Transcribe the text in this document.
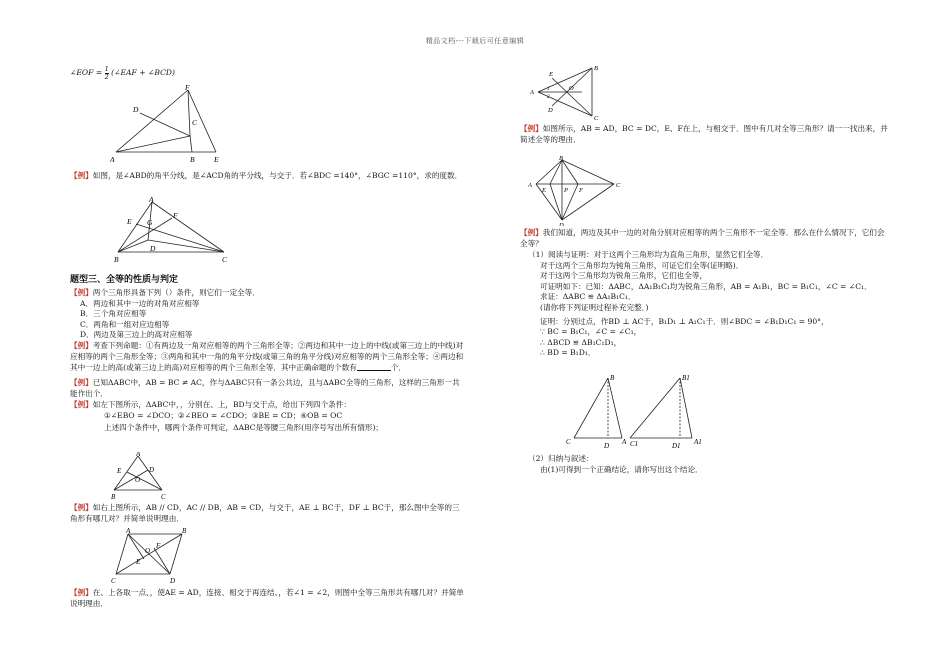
精品文档---下载后可任意编辑
∠EOF = $\frac{1}{2}$ (∠EAF + ∠BCD)
F
D
C
A	B	E
【例】如图，是∠ABD的角平分线，是∠ACD角的平分线，与交于．若∠BDC =140°，∠BGC =110°，求的度数．
A
E G
F
D
B	C
题型三、全等的性质与判定
【例】两个三角形具备下列（）条件，则它们一定全等．
A．两边和其中一边的对角对应相等
B．三个角对应相等
C．两角和一组对应边相等
D．两边及第三边上的高对应相等
【例】考查下列命题：①有两边及一角对应相等的两个三角形全等；②两边和其中一边上的中线(或第三边上的中线)对应相等的两个三角形全等；③两角和其中一角的角平分线(或第三角的角平分线)对应相等的两个三角形全等；④两边和其中一边上的高(或第三边上的高)对应相等的两个三角形全等．其中正确命题的个数有	个．
【例】已知ΔABC中，AB = BC ≠ AC，作与ΔABC只有一条公共边，且与ΔABC全等的三角形，这样的三角形一共能作出个．
【例】如左下图所示，ΔABC中，，分别在、上，BD与交于点，给出下列四个条件：
①∠EBO = ∠DCO；②∠BEO = ∠CDO；③BE = CD；④OB = OC
上述四个条件中，哪两个条件可判定，ΔABC是等腰三角形(用序号写出所有情形)；
A
E
O
D
B	C
【例】如右上图所示，AB // CD，AC // DB，AB = CD，与交于，AE ⊥ BC于，DF ⊥ BC于，那么图中全等的三角形有哪几对？并简单说明理由．
A	B
O
F
E
C	D
【例】在、上各取一点、，使AE = AD，连接、相交于再连结、，若∠1 = ∠2，则图中全等三角形共有哪几对？并简单说明理由．
E
B
A	1
2
O
D
C
【例】如图所示，AB = AD，BC = DC，E、F在上，与相交于．图中有几对全等三角形？请一一找出来，并简述全等的理由．
B
A
E	F
P
C
D
【例】我们知道，两边及其中一边的对角分别对应相等的两个三角形不一定全等．那么在什么情况下，它们会全等？
（1）阅读与证明：对于这两个三角形均为直角三角形，显然它们全等．
对于这两个三角形均为钝角三角形，可证它们全等(证明略)．
对于这两个三角形均为锐角三角形，它们也全等，
可证明如下：已知：ΔABC，ΔA₁B₁C₁均为锐角三角形，AB = A₁B₁，BC = B₁C₁，∠C = ∠C₁．
求证：ΔABC ≌ ΔA₁B₁C₁．
(请你将下列证明过程补充完整．)
证明：分别过点，作BD ⊥ AC于，B₁D₁ ⊥ A₁C₁于．则∠BDC = ∠B₁D₁C₁ = 90°，
∵ BC = B₁C₁，∠C = ∠C₁，
∴ ΔBCD ≌ ΔB₁C₁D₁，
∴ BD = B₁D₁．
B	B1
C	D A C1	D1 A1
（2）归纳与叙述：
由(1)可得到一个正确结论，请你写出这个结论．
